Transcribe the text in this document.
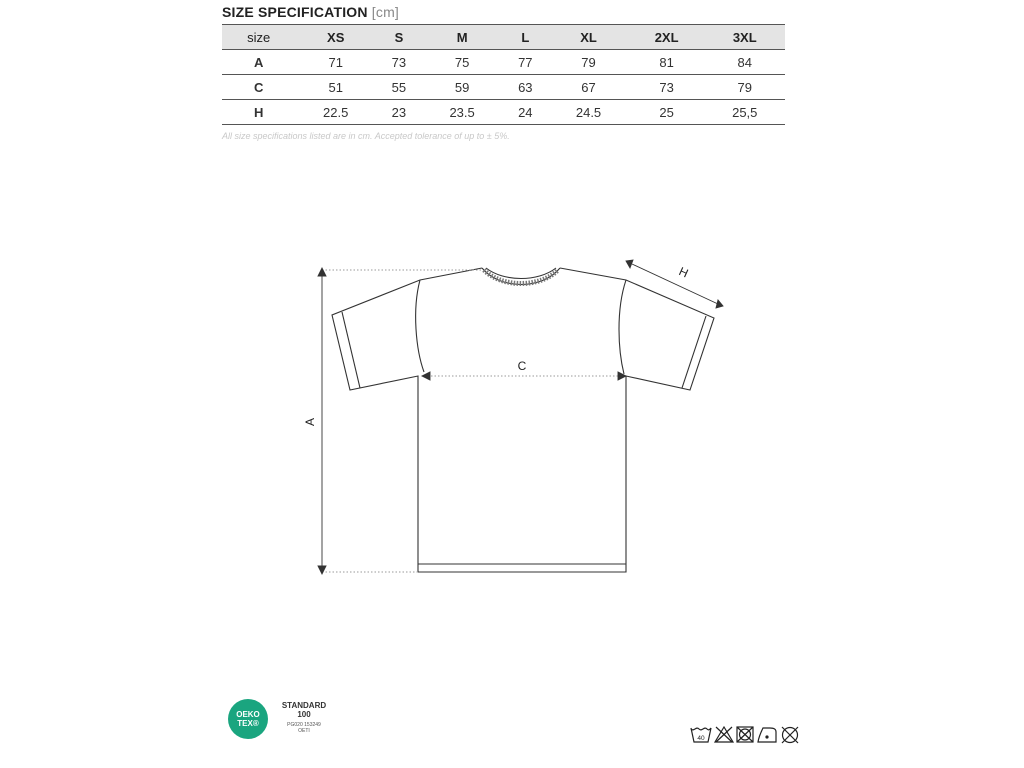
SIZE SPECIFICATION [cm]
size	XS	S	M	L	XL	2XL	3XL
A	71	73	75	77	79	81	84
C	51	55	59	63	67	73	79
H	22.5	23	23.5	24	24.5	25	25,5
All size specifications listed are in cm. Accepted tolerance of up to ± 5%.
A
C
H
OEKO
TEX®
STANDARD
100
PG020 153249
OETI
40
